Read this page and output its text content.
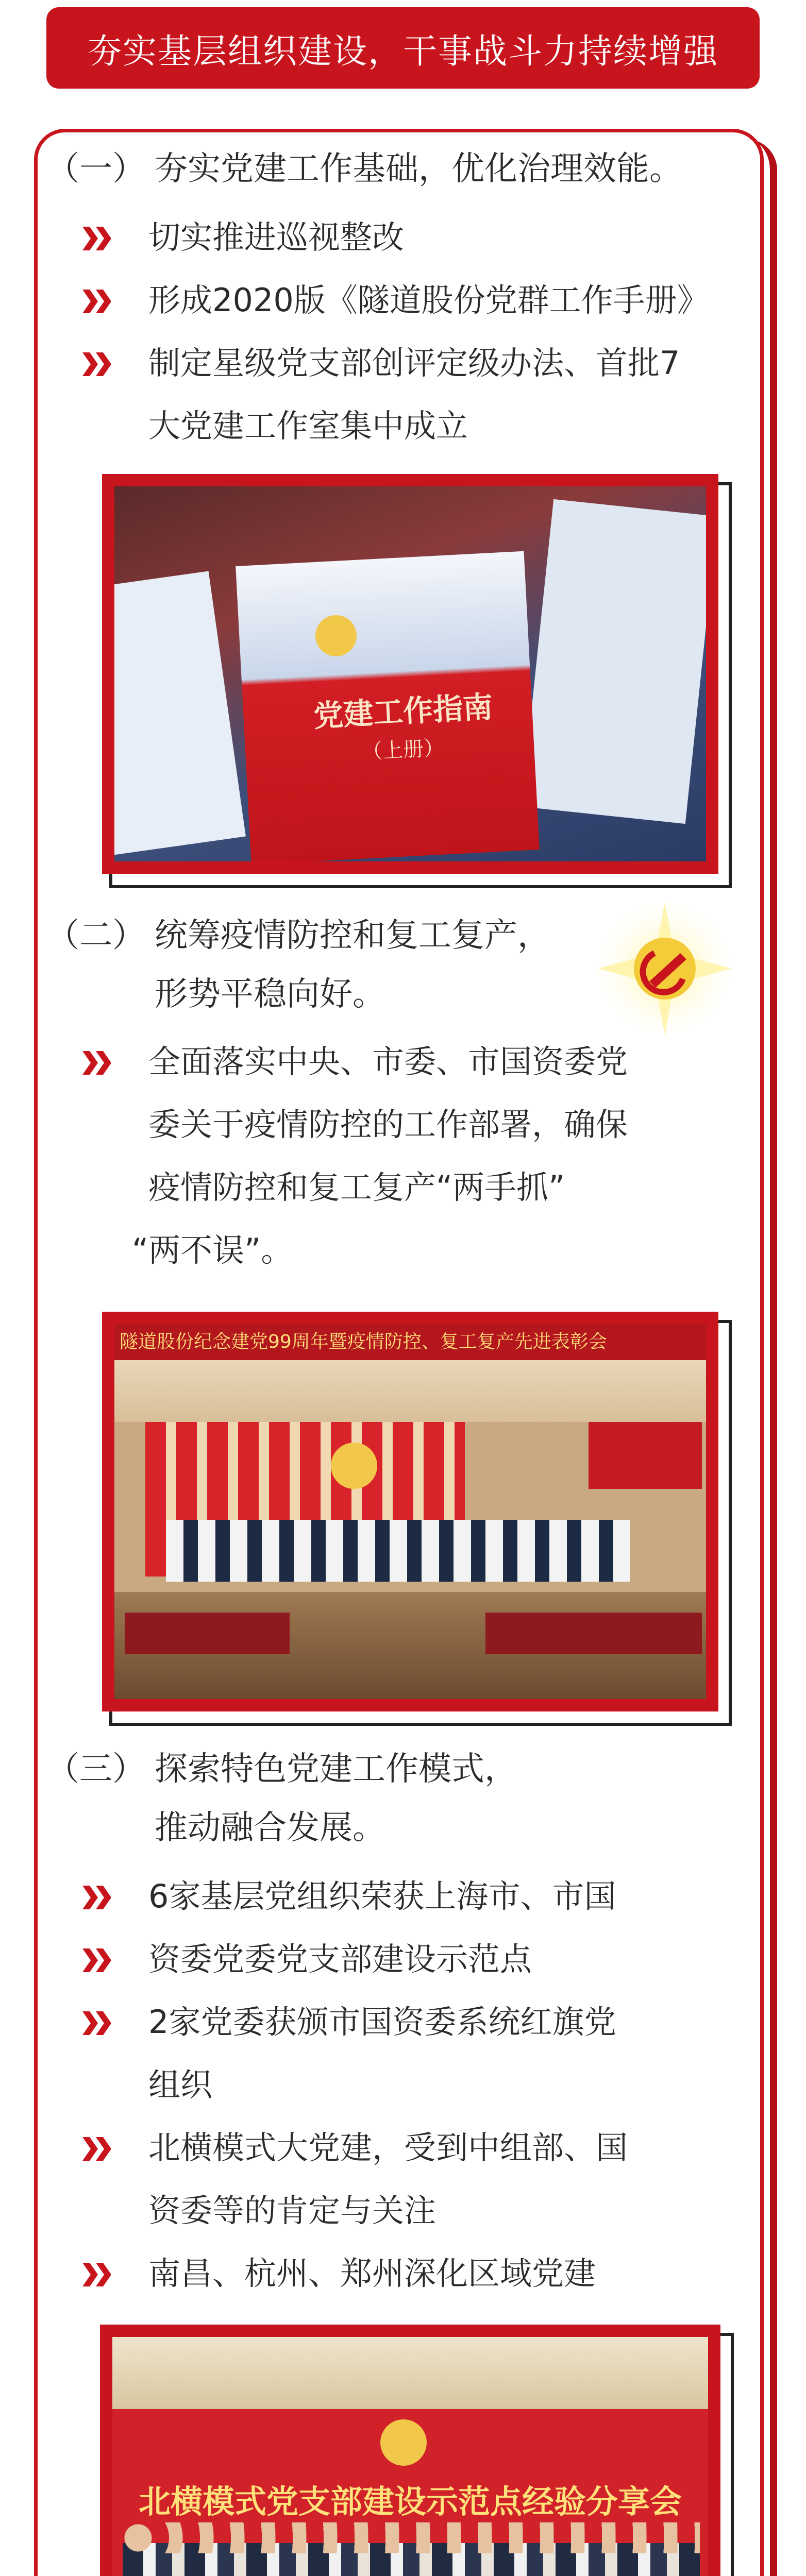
夯实基层组织建设，干事战斗力持续增强
（一） 夯实党建工作基础，优化治理效能。
切实推进巡视整改
形成2020版《隧道股份党群工作手册》
制定星级党支部创评定级办法、首批7
大党建工作室集中成立
党建工作指南
（上册）
（二） 统筹疫情防控和复工复产，
形势平稳向好。
全面落实中央、市委、市国资委党
委关于疫情防控的工作部署，确保
疫情防控和复工复产“两手抓”
“两不误”。
隧道股份纪念建党99周年暨疫情防控、复工复产先进表彰会
（三） 探索特色党建工作模式，
推动融合发展。
6家基层党组织荣获上海市、市国
资委党委党支部建设示范点
2家党委获颁市国资委系统红旗党
组织
北横模式大党建，受到中组部、国
资委等的肯定与关注
南昌、杭州、郑州深化区域党建
北横模式党支部建设示范点经验分享会
